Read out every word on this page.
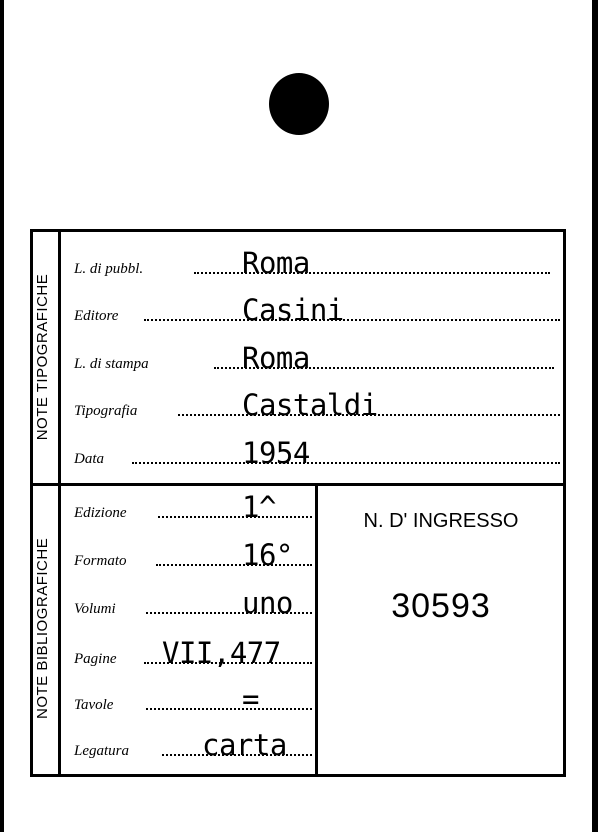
NOTE TIPOGRAFICHE
NOTE BIBLIOGRAFICHE
L. di pubbl.	Roma
Editore	Casini
L. di stampa	Roma
Tipografia	Castaldi
Data	1954
Edizione	1^
Formato	16°
Volumi	uno
Pagine VII,477
Tavole	=
Legatura	carta
N. D' INGRESSO
30593
